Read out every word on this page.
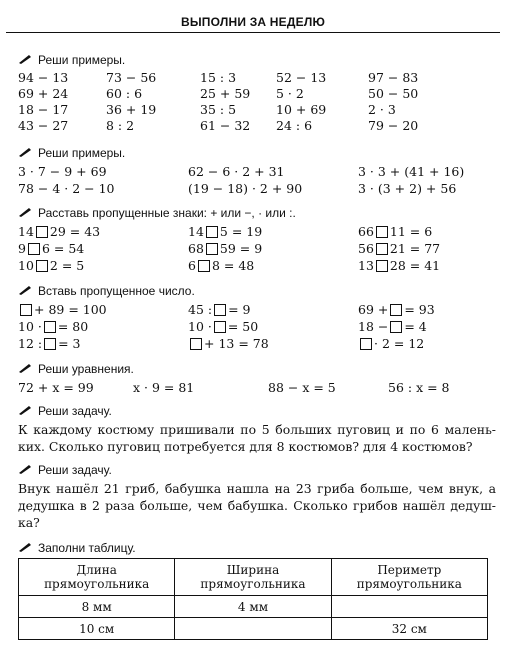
ВЫПОЛНИ ЗА НЕДЕЛЮ
Реши примеры.
94 − 13	73 − 56	15 : 3	52 − 13	97 − 83
69 + 24	60 : 6	25 + 59	5 · 2	50 − 50
18 − 17	36 + 19	35 : 5	10 + 69	2 · 3
43 − 27	8 : 2	61 − 32	24 : 6	79 − 20
Реши примеры.
3 · 7 − 9 + 69	62 − 6 · 2 + 31	3 · 3 + (41 + 16)
78 − 4 · 2 − 10	(19 − 18) · 2 + 90	3 · (3 + 2) + 56
Расставь пропущенные знаки: + или −, · или :.
14 29 = 43	14 5 = 19	66 11 = 6
9 6 = 54	68 59 = 9	56 21 = 77
10 2 = 5	6 8 = 48	13 28 = 41
Вставь пропущенное число.
+ 89 = 100	45 : = 9	69 + = 93
10 · = 80	10 · = 50	18 − = 4
12 : = 3	+ 13 = 78	· 2 = 12
Реши уравнения.
72 + x = 99	x · 9 = 81	88 − x = 5	56 : x = 8
Реши задачу.
К каждому костюму пришивали по 5 больших пуговиц и по 6 малень-ких. Сколько пуговиц потребуется для 8 костюмов? для 4 костюмов?
Реши задачу.
Внук нашёл 21 гриб, бабушка нашла на 23 гриба больше, чем внук, а дедушка в 2 раза больше, чем бабушка. Сколько грибов нашёл дедуш-ка?
Заполни таблицу.
Длина
прямоугольника	Ширина
прямоугольника	Периметр
прямоугольника
8 мм	4 мм	
10 см		32 см
